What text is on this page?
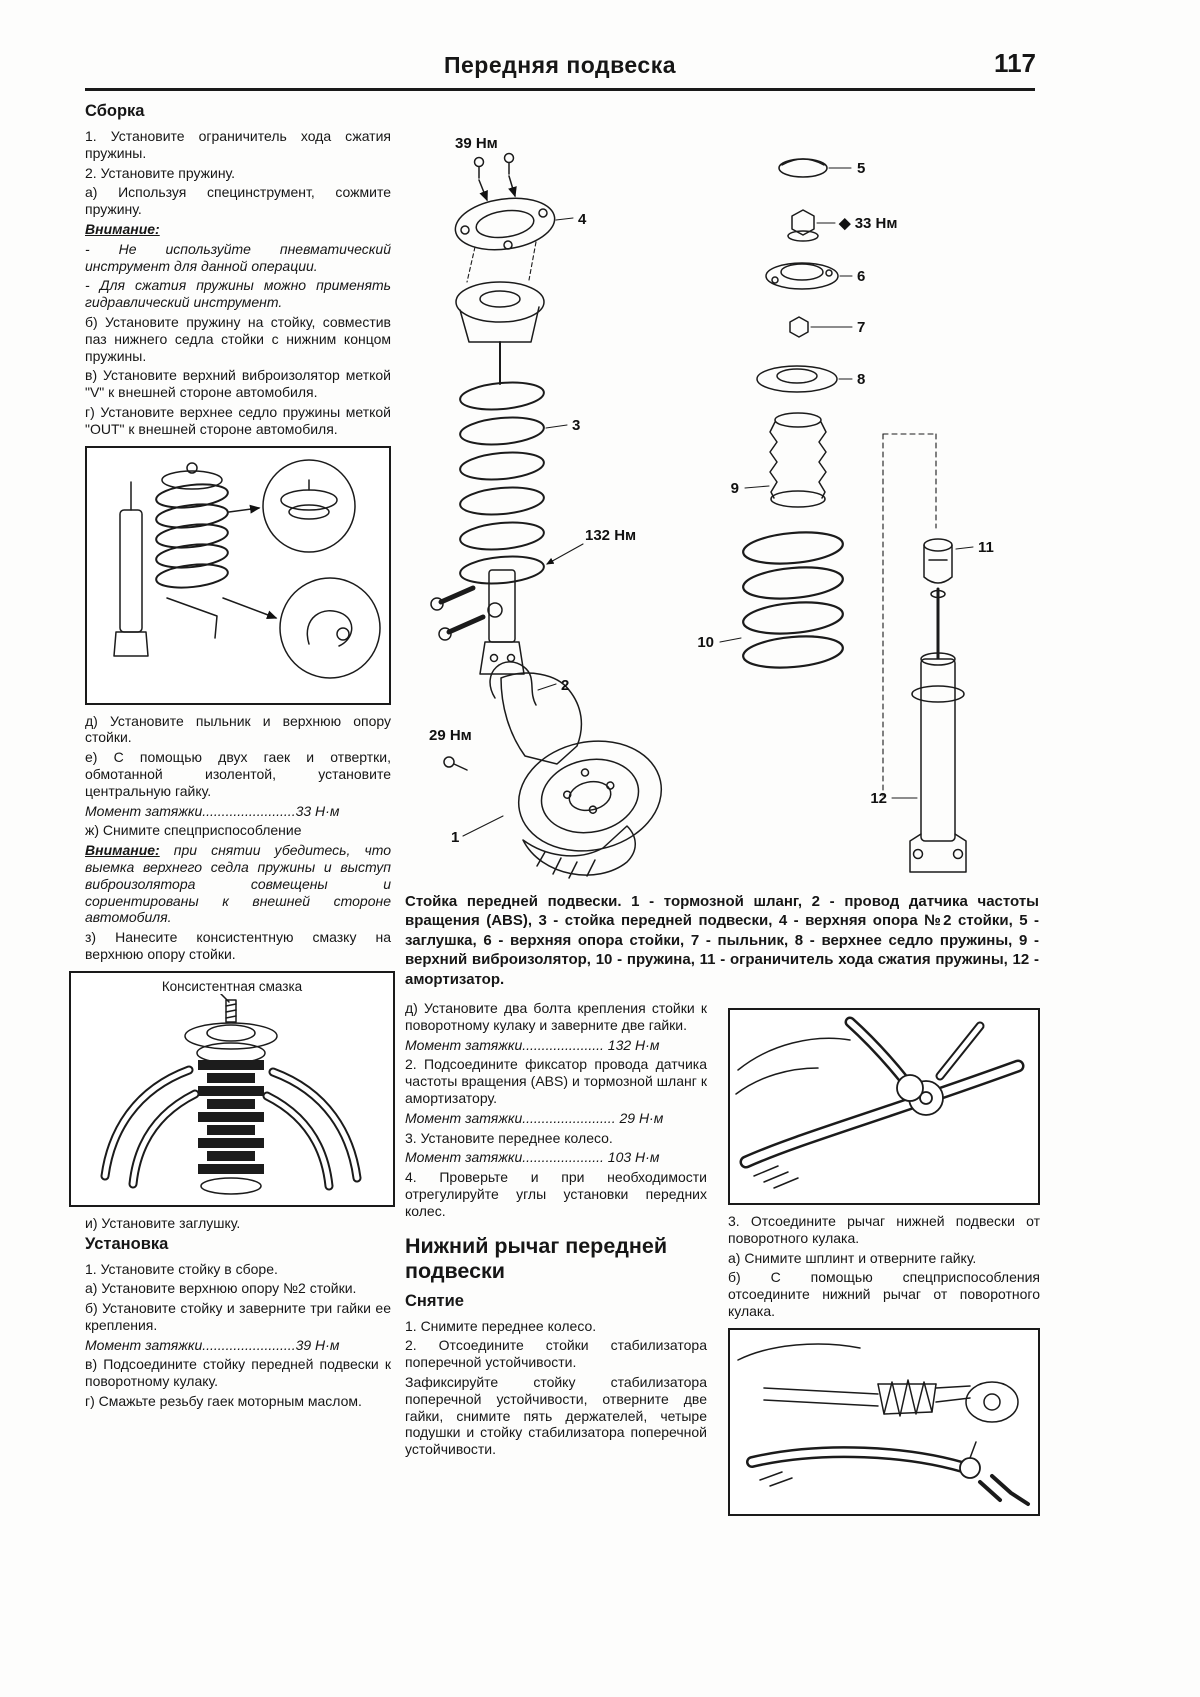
Передняя подвеска	117
Сборка

1. Установите ограничитель хода сжатия пружины.

2. Установите пружину.

а) Используя специнструмент, сожмите пружину.

Внимание:

- Не используйте пневматический инструмент для данной операции.

- Для сжатия пружины можно применять гидравлический инструмент.

б) Установите пружину на стойку, совместив паз нижнего седла стойки с нижним концом пружины.

в) Установите верхний виброизолятор меткой "V" к внешней стороне автомобиля.

г) Установите верхнее седло пружины меткой "OUT" к внешней стороне автомобиля.

д) Установите пыльник и верхнюю опору стойки.

е) С помощью двух гаек и отвертки, обмотанной изолентой, установите центральную гайку.

Момент затяжки........................33 Н·м

ж) Снимите спецприспособление

Внимание: при снятии убедитесь, что выемка верхнего седла пружины и выступ виброизолятора совмещены и сориентированы к внешней стороне автомобиля.

з) Нанесите консистентную смазку на верхнюю опору стойки.

Консистентная смазка

и) Установите заглушку.

Установка

1. Установите стойку в сборе.

а) Установите верхнюю опору №2 стойки.

б) Установите стойку и заверните три гайки ее крепления.

Момент затяжки........................39 Н·м

в) Подсоедините стойку передней подвески к поворотному кулаку.

г) Смажьте резьбу гаек моторным маслом.

39 Нм
4
3
132 Нм
2
29 Нм
1
5
◆ 33 Нм
6
7
8
9
10
11
12

Стойка передней подвески. 1 - тормозной шланг, 2 - провод датчика частоты вращения (ABS), 3 - стойка передней подвески, 4 - верхняя опора №2 стойки, 5 - заглушка, 6 - верхняя опора стойки, 7 - пыльник, 8 - верхнее седло пружины, 9 - верхний виброизолятор, 10 - пружина, 11 - ограничитель хода сжатия пружины, 12 - амортизатор.

д) Установите два болта крепления стойки к поворотному кулаку и заверните две гайки.

Момент затяжки..................... 132 Н·м

2. Подсоедините фиксатор провода датчика частоты вращения (ABS) и тормозной шланг к амортизатору.

Момент затяжки........................ 29 Н·м

3. Установите переднее колесо.

Момент затяжки..................... 103 Н·м

4. Проверьте и при необходимости отрегулируйте углы установки передних колес.

Нижний рычаг передней подвески
Снятие

1. Снимите переднее колесо.

2. Отсоедините стойки стабилизатора поперечной устойчивости.

Зафиксируйте стойку стабилизатора поперечной устойчивости, отверните две гайки, снимите пять держателей, четыре подушки и стойку стабилизатора поперечной устойчивости.

3. Отсоедините рычаг нижней подвески от поворотного кулака.

а) Снимите шплинт и отверните гайку.

б) С помощью спецприспособления отсоедините нижний рычаг от поворотного кулака.
